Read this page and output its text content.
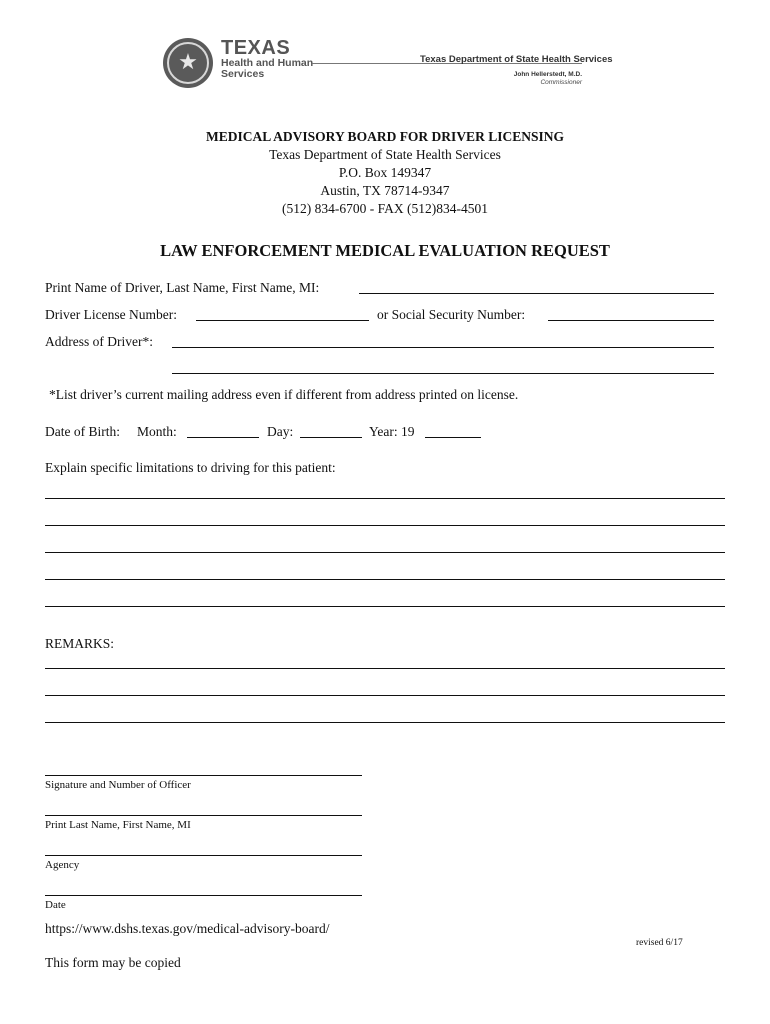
★
TEXAS
Health and Human
Services
Texas Department of State Health Services
John Hellerstedt, M.D.
Commissioner
MEDICAL ADVISORY BOARD FOR DRIVER LICENSING
Texas Department of State Health Services
P.O. Box 149347
Austin, TX 78714-9347
(512) 834-6700 - FAX (512)834-4501
LAW ENFORCEMENT MEDICAL EVALUATION REQUEST
Print Name of Driver, Last Name, First Name, MI:
Driver License Number:	or Social Security Number:
Address of Driver*:
*List driver’s current mailing address even if different from address printed on license.
Date of Birth: Month:	Day:	Year: 19
Explain specific limitations to driving for this patient:
REMARKS:
Signature and Number of Officer
Print Last Name, First Name, MI
Agency
Date
https://www.dshs.texas.gov/medical-advisory-board/
revised 6/17
This form may be copied
